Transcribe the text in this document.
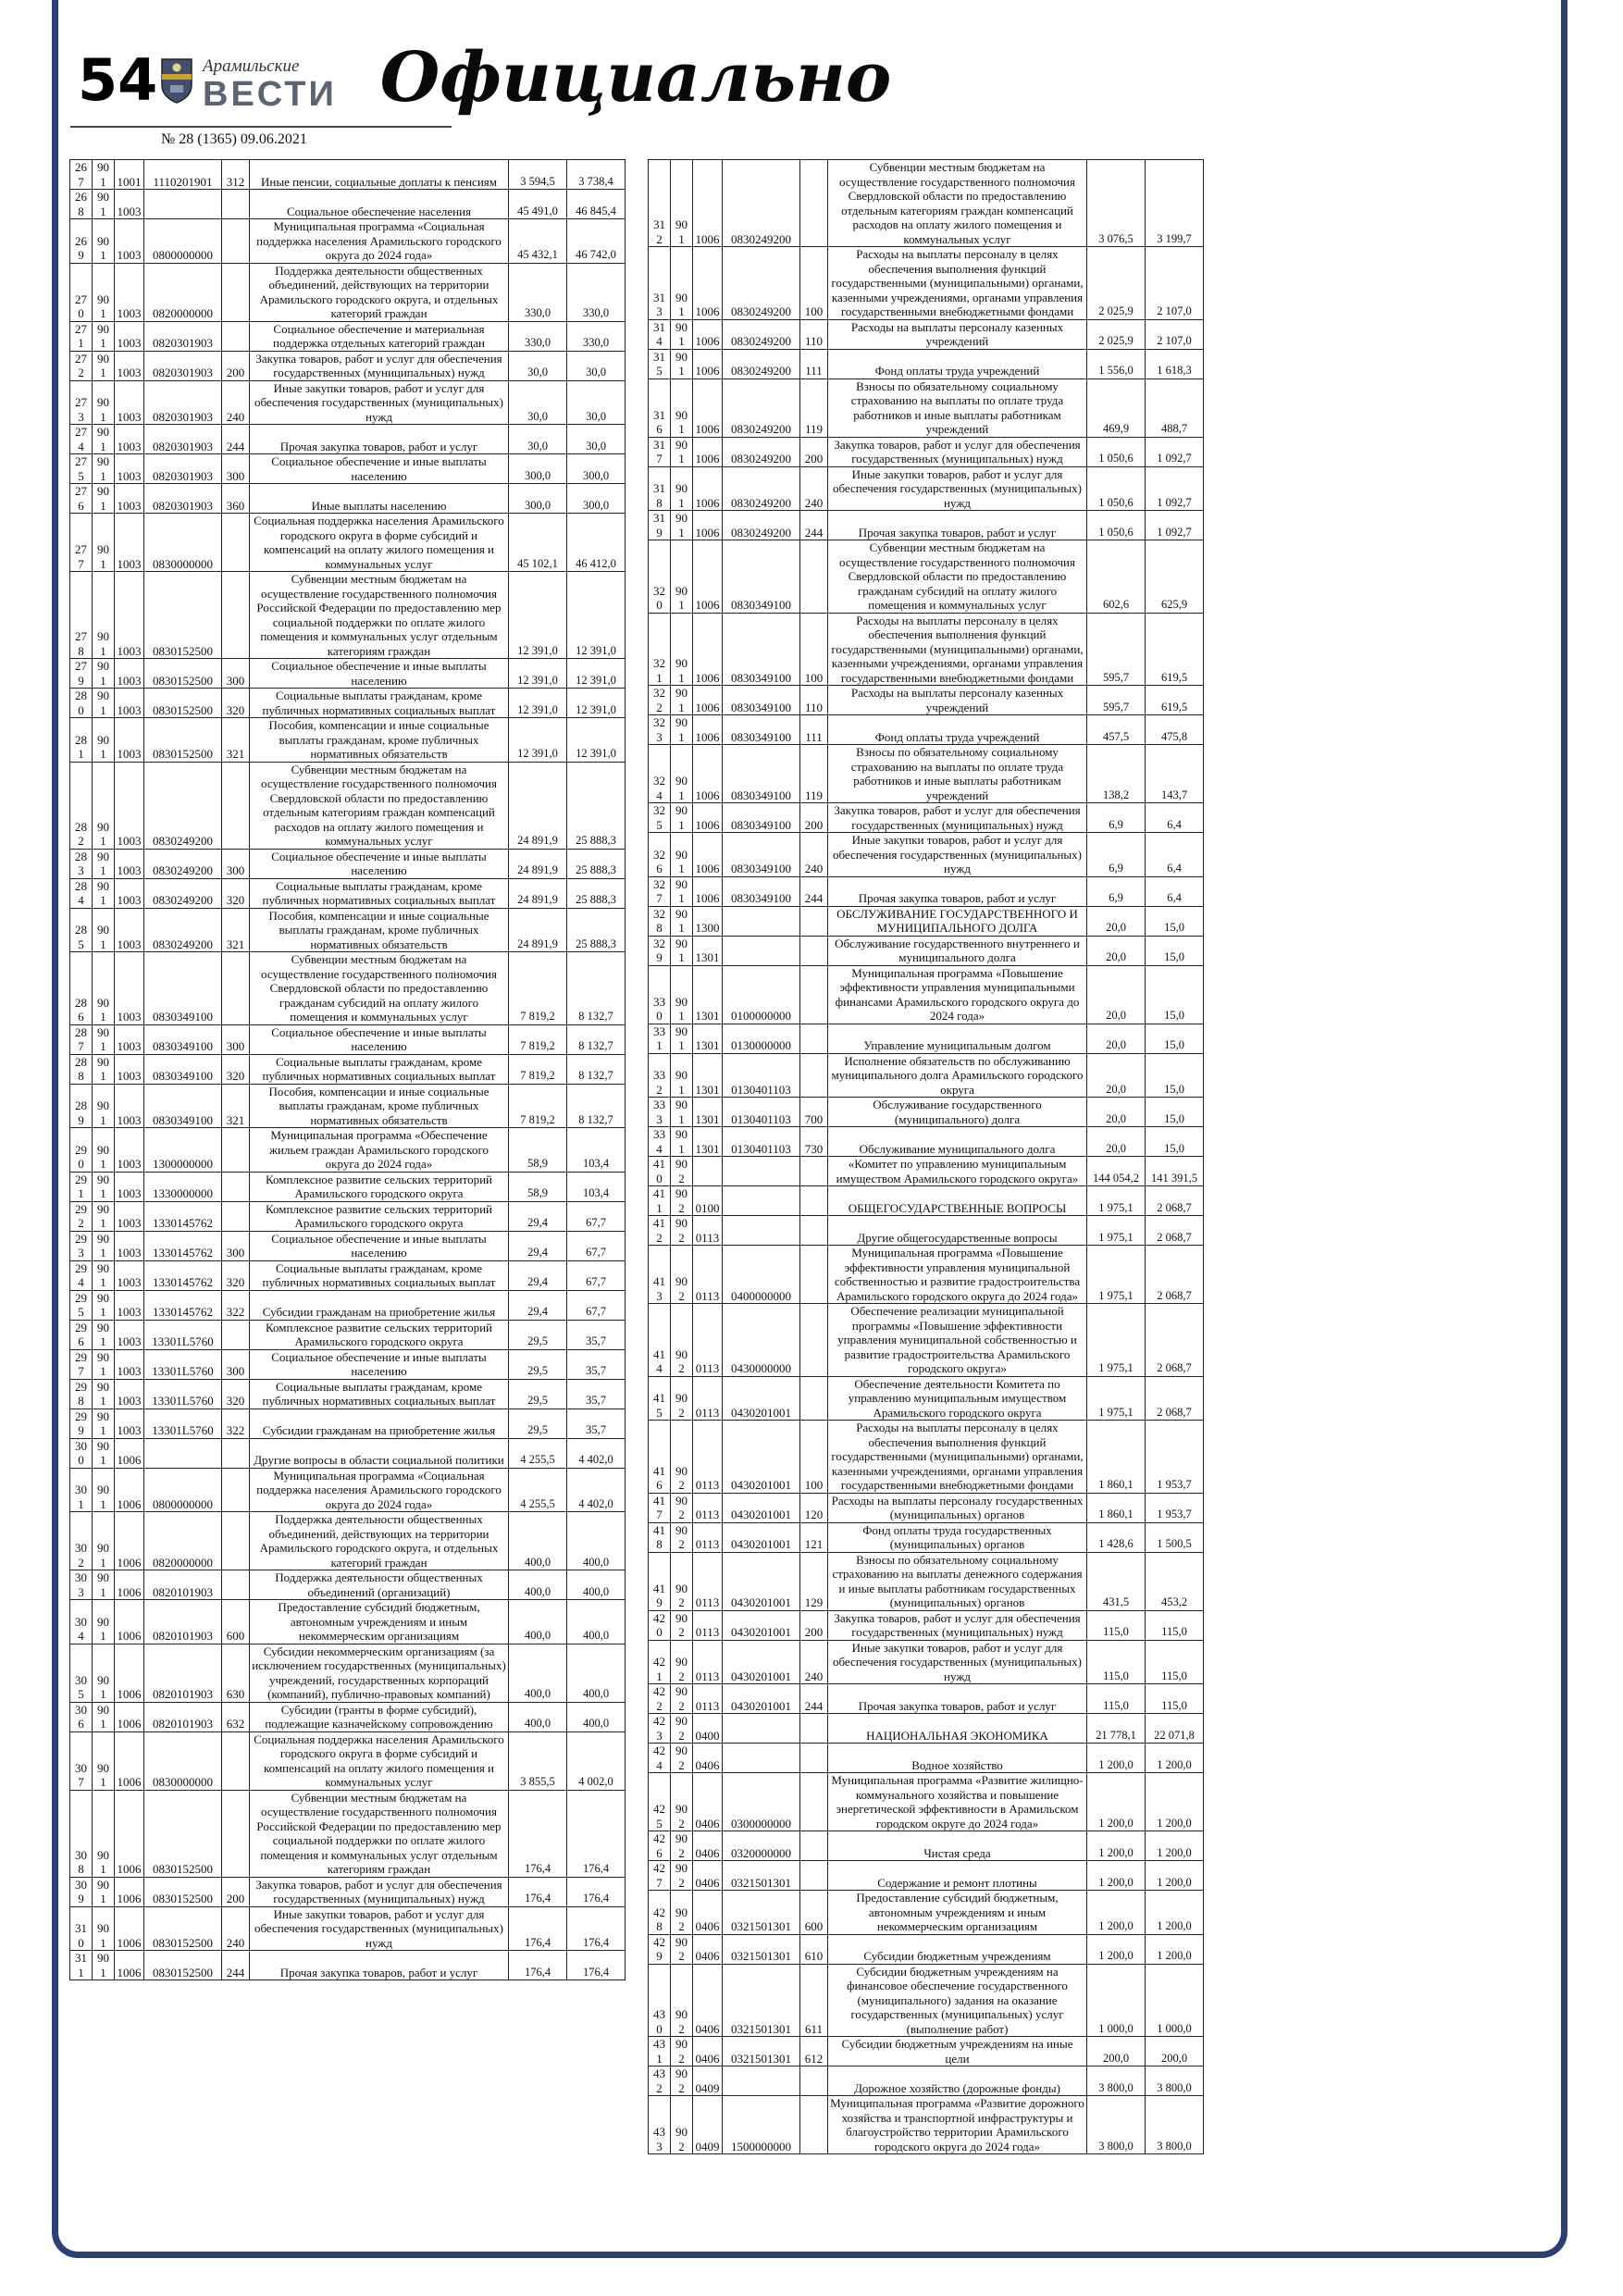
54	Арамильские
ВЕСТИ
№ 28 (1365) 09.06.2021
Официально
267	901	1001	1110201901	312	Иные пенсии, социальные доплаты к пенсиям	3 594,5	3 738,4
268	901	1003			Социальное обеспечение населения	45 491,0	46 845,4
269	901	1003	0800000000		Муниципальная программа «Социальная поддержка населения Арамильского городского округа до 2024 года»	45 432,1	46 742,0
270	901	1003	0820000000		Поддержка деятельности общественных объединений, действующих на территории Арамильского городского округа, и отдельных категорий граждан	330,0	330,0
271	901	1003	0820301903		Социальное обеспечение и материальная поддержка отдельных категорий граждан	330,0	330,0
272	901	1003	0820301903	200	Закупка товаров, работ и услуг для обеспечения государственных (муниципальных) нужд	30,0	30,0
273	901	1003	0820301903	240	Иные закупки товаров, работ и услуг для обеспечения государственных (муниципальных) нужд	30,0	30,0
274	901	1003	0820301903	244	Прочая закупка товаров, работ и услуг	30,0	30,0
275	901	1003	0820301903	300	Социальное обеспечение и иные выплаты населению	300,0	300,0
276	901	1003	0820301903	360	Иные выплаты населению	300,0	300,0
277	901	1003	0830000000		Социальная поддержка населения Арамильского городского округа в форме субсидий и компенсаций на оплату жилого помещения и коммунальных услуг	45 102,1	46 412,0
278	901	1003	0830152500		Субвенции местным бюджетам на осуществление государственного полномочия Российской Федерации по предоставлению мер социальной поддержки по оплате жилого помещения и коммунальных услуг отдельным категориям граждан	12 391,0	12 391,0
279	901	1003	0830152500	300	Социальное обеспечение и иные выплаты населению	12 391,0	12 391,0
280	901	1003	0830152500	320	Социальные выплаты гражданам, кроме публичных нормативных социальных выплат	12 391,0	12 391,0
281	901	1003	0830152500	321	Пособия, компенсации и иные социальные выплаты гражданам, кроме публичных нормативных обязательств	12 391,0	12 391,0
282	901	1003	0830249200		Субвенции местным бюджетам на осуществление государственного полномочия Свердловской области по предоставлению отдельным категориям граждан компенсаций расходов на оплату жилого помещения и коммунальных услуг	24 891,9	25 888,3
283	901	1003	0830249200	300	Социальное обеспечение и иные выплаты населению	24 891,9	25 888,3
284	901	1003	0830249200	320	Социальные выплаты гражданам, кроме публичных нормативных социальных выплат	24 891,9	25 888,3
285	901	1003	0830249200	321	Пособия, компенсации и иные социальные выплаты гражданам, кроме публичных нормативных обязательств	24 891,9	25 888,3
286	901	1003	0830349100		Субвенции местным бюджетам на осуществление государственного полномочия Свердловской области по предоставлению гражданам субсидий на оплату жилого помещения и коммунальных услуг	7 819,2	8 132,7
287	901	1003	0830349100	300	Социальное обеспечение и иные выплаты населению	7 819,2	8 132,7
288	901	1003	0830349100	320	Социальные выплаты гражданам, кроме публичных нормативных социальных выплат	7 819,2	8 132,7
289	901	1003	0830349100	321	Пособия, компенсации и иные социальные выплаты гражданам, кроме публичных нормативных обязательств	7 819,2	8 132,7
290	901	1003	1300000000		Муниципальная программа «Обеспечение жильем граждан Арамильского городского округа до 2024 года»	58,9	103,4
291	901	1003	1330000000		Комплексное развитие сельских территорий Арамильского городского округа	58,9	103,4
292	901	1003	1330145762		Комплексное развитие сельских территорий Арамильского городского округа	29,4	67,7
293	901	1003	1330145762	300	Социальное обеспечение и иные выплаты населению	29,4	67,7
294	901	1003	1330145762	320	Социальные выплаты гражданам, кроме публичных нормативных социальных выплат	29,4	67,7
295	901	1003	1330145762	322	Субсидии гражданам на приобретение жилья	29,4	67,7
296	901	1003	13301L5760		Комплексное развитие сельских территорий Арамильского городского округа	29,5	35,7
297	901	1003	13301L5760	300	Социальное обеспечение и иные выплаты населению	29,5	35,7
298	901	1003	13301L5760	320	Социальные выплаты гражданам, кроме публичных нормативных социальных выплат	29,5	35,7
299	901	1003	13301L5760	322	Субсидии гражданам на приобретение жилья	29,5	35,7
300	901	1006			Другие вопросы в области социальной политики	4 255,5	4 402,0
301	901	1006	0800000000		Муниципальная программа «Социальная поддержка населения Арамильского городского округа до 2024 года»	4 255,5	4 402,0
302	901	1006	0820000000		Поддержка деятельности общественных объединений, действующих на территории Арамильского городского округа, и отдельных категорий граждан	400,0	400,0
303	901	1006	0820101903		Поддержка деятельности общественных объединений (организаций)	400,0	400,0
304	901	1006	0820101903	600	Предоставление субсидий бюджетным, автономным учреждениям и иным некоммерческим организациям	400,0	400,0
305	901	1006	0820101903	630	Субсидии некоммерческим организациям (за исключением государственных (муниципальных) учреждений, государственных корпораций (компаний), публично-правовых компаний)	400,0	400,0
306	901	1006	0820101903	632	Субсидии (гранты в форме субсидий), подлежащие казначейскому сопровождению	400,0	400,0
307	901	1006	0830000000		Социальная поддержка населения Арамильского городского округа в форме субсидий и компенсаций на оплату жилого помещения и коммунальных услуг	3 855,5	4 002,0
308	901	1006	0830152500		Субвенции местным бюджетам на осуществление государственного полномочия Российской Федерации по предоставлению мер социальной поддержки по оплате жилого помещения и коммунальных услуг отдельным категориям граждан	176,4	176,4
309	901	1006	0830152500	200	Закупка товаров, работ и услуг для обеспечения государственных (муниципальных) нужд	176,4	176,4
310	901	1006	0830152500	240	Иные закупки товаров, работ и услуг для обеспечения государственных (муниципальных) нужд	176,4	176,4
311	901	1006	0830152500	244	Прочая закупка товаров, работ и услуг	176,4	176,4
312	901	1006	0830249200		Субвенции местным бюджетам на осуществление государственного полномочия Свердловской области по предоставлению отдельным категориям граждан компенсаций расходов на оплату жилого помещения и коммунальных услуг	3 076,5	3 199,7
313	901	1006	0830249200	100	Расходы на выплаты персоналу в целях обеспечения выполнения функций государственными (муниципальными) органами, казенными учреждениями, органами управления государственными внебюджетными фондами	2 025,9	2 107,0
314	901	1006	0830249200	110	Расходы на выплаты персоналу казенных учреждений	2 025,9	2 107,0
315	901	1006	0830249200	111	Фонд оплаты труда учреждений	1 556,0	1 618,3
316	901	1006	0830249200	119	Взносы по обязательному социальному страхованию на выплаты по оплате труда работников и иные выплаты работникам учреждений	469,9	488,7
317	901	1006	0830249200	200	Закупка товаров, работ и услуг для обеспечения государственных (муниципальных) нужд	1 050,6	1 092,7
318	901	1006	0830249200	240	Иные закупки товаров, работ и услуг для обеспечения государственных (муниципальных) нужд	1 050,6	1 092,7
319	901	1006	0830249200	244	Прочая закупка товаров, работ и услуг	1 050,6	1 092,7
320	901	1006	0830349100		Субвенции местным бюджетам на осуществление государственного полномочия Свердловской области по предоставлению гражданам субсидий на оплату жилого помещения и коммунальных услуг	602,6	625,9
321	901	1006	0830349100	100	Расходы на выплаты персоналу в целях обеспечения выполнения функций государственными (муниципальными) органами, казенными учреждениями, органами управления государственными внебюджетными фондами	595,7	619,5
322	901	1006	0830349100	110	Расходы на выплаты персоналу казенных учреждений	595,7	619,5
323	901	1006	0830349100	111	Фонд оплаты труда учреждений	457,5	475,8
324	901	1006	0830349100	119	Взносы по обязательному социальному страхованию на выплаты по оплате труда работников и иные выплаты работникам учреждений	138,2	143,7
325	901	1006	0830349100	200	Закупка товаров, работ и услуг для обеспечения государственных (муниципальных) нужд	6,9	6,4
326	901	1006	0830349100	240	Иные закупки товаров, работ и услуг для обеспечения государственных (муниципальных) нужд	6,9	6,4
327	901	1006	0830349100	244	Прочая закупка товаров, работ и услуг	6,9	6,4
328	901	1300			ОБСЛУЖИВАНИЕ ГОСУДАРСТВЕННОГО И МУНИЦИПАЛЬНОГО ДОЛГА	20,0	15,0
329	901	1301			Обслуживание государственного внутреннего и муниципального долга	20,0	15,0
330	901	1301	0100000000		Муниципальная программа «Повышение эффективности управления муниципальными финансами Арамильского городского округа до 2024 года»	20,0	15,0
331	901	1301	0130000000		Управление муниципальным долгом	20,0	15,0
332	901	1301	0130401103		Исполнение обязательств по обслуживанию муниципального долга Арамильского городского округа	20,0	15,0
333	901	1301	0130401103	700	Обслуживание государственного (муниципального) долга	20,0	15,0
334	901	1301	0130401103	730	Обслуживание муниципального долга	20,0	15,0
410	902				«Комитет по управлению муниципальным имуществом Арамильского городского округа»	144 054,2	141 391,5
411	902	0100			ОБЩЕГОСУДАРСТВЕННЫЕ ВОПРОСЫ	1 975,1	2 068,7
412	902	0113			Другие общегосударственные вопросы	1 975,1	2 068,7
413	902	0113	0400000000		Муниципальная программа «Повышение эффективности управления муниципальной собственностью и развитие градостроительства Арамильского городского округа до 2024 года»	1 975,1	2 068,7
414	902	0113	0430000000		Обеспечение реализации муниципальной программы «Повышение эффективности управления муниципальной собственностью и развитие градостроительства Арамильского городского округа»	1 975,1	2 068,7
415	902	0113	0430201001		Обеспечение деятельности Комитета по управлению муниципальным имуществом Арамильского городского округа	1 975,1	2 068,7
416	902	0113	0430201001	100	Расходы на выплаты персоналу в целях обеспечения выполнения функций государственными (муниципальными) органами, казенными учреждениями, органами управления государственными внебюджетными фондами	1 860,1	1 953,7
417	902	0113	0430201001	120	Расходы на выплаты персоналу государственных (муниципальных) органов	1 860,1	1 953,7
418	902	0113	0430201001	121	Фонд оплаты труда государственных (муниципальных) органов	1 428,6	1 500,5
419	902	0113	0430201001	129	Взносы по обязательному социальному страхованию на выплаты денежного содержания и иные выплаты работникам государственных (муниципальных) органов	431,5	453,2
420	902	0113	0430201001	200	Закупка товаров, работ и услуг для обеспечения государственных (муниципальных) нужд	115,0	115,0
421	902	0113	0430201001	240	Иные закупки товаров, работ и услуг для обеспечения государственных (муниципальных) нужд	115,0	115,0
422	902	0113	0430201001	244	Прочая закупка товаров, работ и услуг	115,0	115,0
423	902	0400			НАЦИОНАЛЬНАЯ ЭКОНОМИКА	21 778,1	22 071,8
424	902	0406			Водное хозяйство	1 200,0	1 200,0
425	902	0406	0300000000		Муниципальная программа «Развитие жилищно-коммунального хозяйства и повышение энергетической эффективности в Арамильском городском округе до 2024 года»	1 200,0	1 200,0
426	902	0406	0320000000		Чистая среда	1 200,0	1 200,0
427	902	0406	0321501301		Содержание и ремонт плотины	1 200,0	1 200,0
428	902	0406	0321501301	600	Предоставление субсидий бюджетным, автономным учреждениям и иным некоммерческим организациям	1 200,0	1 200,0
429	902	0406	0321501301	610	Субсидии бюджетным учреждениям	1 200,0	1 200,0
430	902	0406	0321501301	611	Субсидии бюджетным учреждениям на финансовое обеспечение государственного (муниципального) задания на оказание государственных (муниципальных) услуг (выполнение работ)	1 000,0	1 000,0
431	902	0406	0321501301	612	Субсидии бюджетным учреждениям на иные цели	200,0	200,0
432	902	0409			Дорожное хозяйство (дорожные фонды)	3 800,0	3 800,0
433	902	0409	1500000000		Муниципальная программа «Развитие дорожного хозяйства и транспортной инфраструктуры и благоустройство территории Арамильского городского округа до 2024 года»	3 800,0	3 800,0
